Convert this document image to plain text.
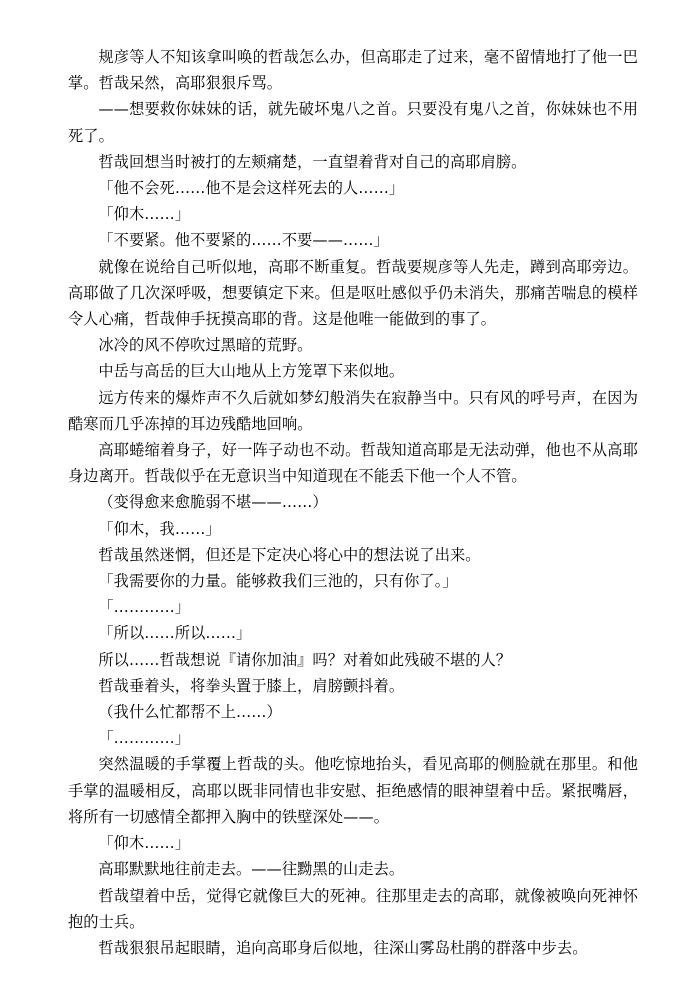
规彦等人不知该拿叫唤的哲哉怎么办，但高耶走了过来，毫不留情地打了他一巴掌。哲哉呆然，高耶狠狠斥骂。

——想要救你妹妹的话，就先破坏鬼八之首。只要没有鬼八之首，你妹妹也不用死了。

哲哉回想当时被打的左颊痛楚，一直望着背对自己的高耶肩膀。

「他不会死……他不是会这样死去的人……」

「仰木……」

「不要紧。他不要紧的……不要——……」

就像在说给自己听似地，高耶不断重复。哲哉要规彦等人先走，蹲到高耶旁边。高耶做了几次深呼吸，想要镇定下来。但是呕吐感似乎仍未消失，那痛苦喘息的模样令人心痛，哲哉伸手抚摸高耶的背。这是他唯一能做到的事了。

冰冷的风不停吹过黑暗的荒野。

中岳与高岳的巨大山地从上方笼罩下来似地。

远方传来的爆炸声不久后就如梦幻般消失在寂静当中。只有风的呼号声，在因为酷寒而几乎冻掉的耳边残酷地回响。

高耶蜷缩着身子，好一阵子动也不动。哲哉知道高耶是无法动弹，他也不从高耶身边离开。哲哉似乎在无意识当中知道现在不能丢下他一个人不管。

（变得愈来愈脆弱不堪——……）

「仰木，我……」

哲哉虽然迷惘，但还是下定决心将心中的想法说了出来。

「我需要你的力量。能够救我们三池的，只有你了。」

「…………」

「所以……所以……」

所以……哲哉想说『请你加油』吗？对着如此残破不堪的人？

哲哉垂着头，将拳头置于膝上，肩膀颤抖着。

（我什么忙都帮不上……）

「…………」

突然温暖的手掌覆上哲哉的头。他吃惊地抬头，看见高耶的侧脸就在那里。和他手掌的温暖相反，高耶以既非同情也非安慰、拒绝感情的眼神望着中岳。紧抿嘴唇，将所有一切感情全都押入胸中的铁壁深处——。

「仰木……」

高耶默默地往前走去。——往黝黑的山走去。

哲哉望着中岳，觉得它就像巨大的死神。往那里走去的高耶，就像被唤向死神怀抱的士兵。

哲哉狠狠吊起眼睛，追向高耶身后似地，往深山雾岛杜鹃的群落中步去。
